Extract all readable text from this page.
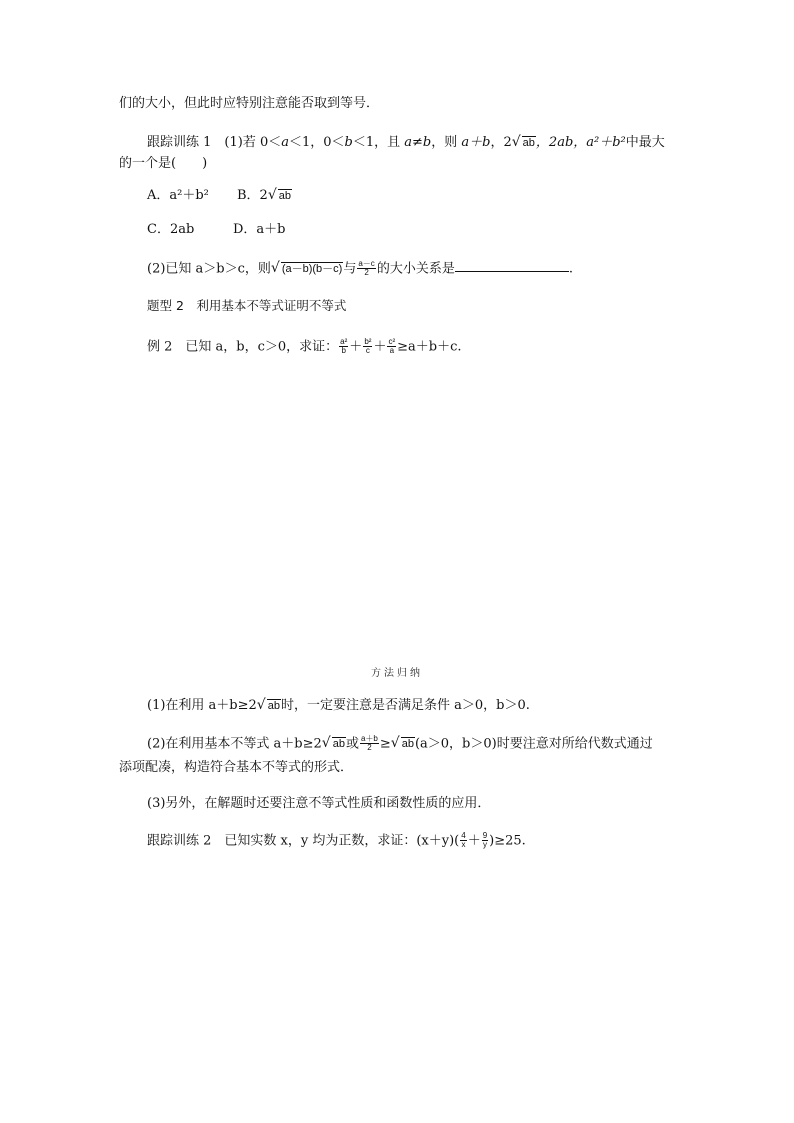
们的大小，但此时应特别注意能否取到等号．
跟踪训练 1　(1)若 0＜a＜1，0＜b＜1，且 a≠b，则 a＋b，2√ ab，2ab，a²＋b²中最大
的一个是(　　)
A．a²＋b² B．2√ ab
C．2ab	D．a＋b
(2)已知 a＞b＞c，则√ (a－b)(b－c)与 $\frac{a-c}{2}$ 的大小关系是	.
题型 2　利用基本不等式证明不等式
例 2　已知 a，b，c＞0，求证： $\frac{\text{a²}}{b} + \frac{\text{b²}}{c} + \frac{\text{c²}}{a} \ge a+b+c$.
方法归纳
(1)在利用 a＋b≥2√ ab时，一定要注意是否满足条件 a＞0，b＞0.
(2)在利用基本不等式 a＋b≥2√ ab或 $\frac{a+b}{2}$ ≥√ ab(a＞0，b＞0)时要注意对所给代数式通过
添项配凑，构造符合基本不等式的形式．
(3)另外，在解题时还要注意不等式性质和函数性质的应用．
跟踪训练 2　已知实数 x，y 均为正数，求证：$(x+y)( \frac{4}{x} + \frac{9}{y} )\ge 25$.
